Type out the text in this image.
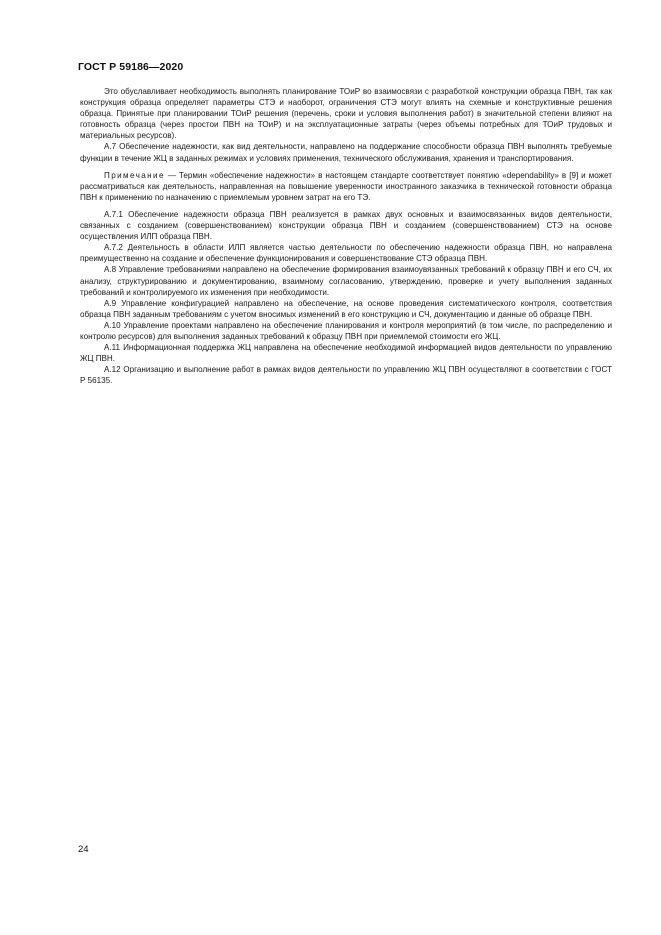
ГОСТ Р 59186—2020

Это обуславливает необходимость выполнять планирование ТОиР во взаимосвязи с разработкой конструкции образца ПВН, так как конструкция образца определяет параметры СТЭ и наоборот, ограничения СТЭ могут влиять на схемные и конструктивные решения образца. Принятые при планировании ТОиР решения (перечень, сроки и условия выполнения работ) в значительной степени влияют на готовность образца (через простои ПВН на ТОиР) и на эксплуатационные затраты (через объемы потребных для ТОиР трудовых и материальных ресурсов).

А.7 Обеспечение надежности, как вид деятельности, направлено на поддержание способности образца ПВН выполнять требуемые функции в течение ЖЦ в заданных режимах и условиях применения, технического обслуживания, хранения и транспортирования.

Примечание — Термин «обеспечение надежности» в настоящем стандарте соответствует понятию «dependability» в [9] и может рассматриваться как деятельность, направленная на повышение уверенности иностранного заказчика в технической готовности образца ПВН к применению по назначению с приемлемым уровнем затрат на его ТЭ.

А.7.1 Обеспечение надежности образца ПВН реализуется в рамках двух основных и взаимосвязанных видов деятельности, связанных с созданием (совершенствованием) конструкции образца ПВН и созданием (совершенствованием) СТЭ на основе осуществления ИЛП образца ПВН.

А.7.2 Деятельность в области ИЛП является частью деятельности по обеспечению надежности образца ПВН, но направлена преимущественно на создание и обеспечение функционирования и совершенствование СТЭ образца ПВН.

А.8 Управление требованиями направлено на обеспечение формирования взаимоувязанных требований к образцу ПВН и его СЧ, их анализу, структурированию и документированию, взаимному согласованию, утверждению, проверке и учету выполнения заданных требований и контролируемого их изменения при необходимости.

А.9 Управление конфигурацией направлено на обеспечение, на основе проведения систематического контроля, соответствия образца ПВН заданным требованиям с учетом вносимых изменений в его конструкцию и СЧ, документацию и данные об образце ПВН.

А.10 Управление проектами направлено на обеспечение планирования и контроля мероприятий (в том числе, по распределению и контролю ресурсов) для выполнения заданных требований к образцу ПВН при приемлемой стоимости его ЖЦ.

А.11 Информационная поддержка ЖЦ направлена на обеспечение необходимой информацией видов деятельности по управлению ЖЦ ПВН.

А.12 Организацию и выполнение работ в рамках видов деятельности по управлению ЖЦ ПВН осуществляют в соответствии с ГОСТ Р 56135.

24
